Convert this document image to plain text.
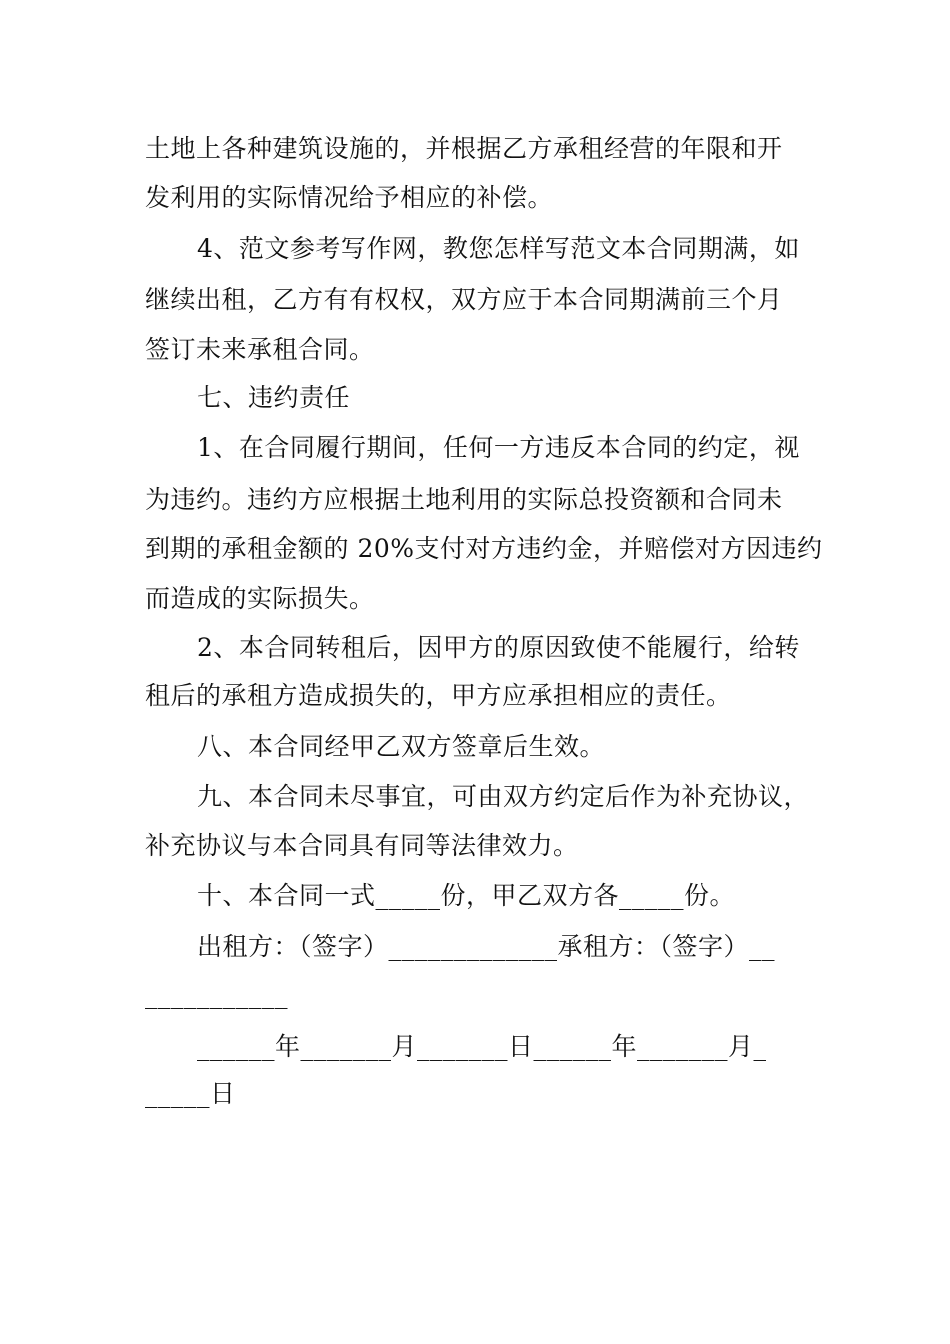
土地上各种建筑设施的，并根据乙方承租经营的年限和开
发利用的实际情况给予相应的补偿。
4、范文参考写作网，教您怎样写范文本合同期满，如
继续出租，乙方有有权权，双方应于本合同期满前三个月
签订未来承租合同。
七、违约责任
1、在合同履行期间，任何一方违反本合同的约定，视
为违约。违约方应根据土地利用的实际总投资额和合同未
到期的承租金额的 20%支付对方违约金，并赔偿对方因违约
而造成的实际损失。
2、本合同转租后，因甲方的原因致使不能履行，给转
租后的承租方造成损失的，甲方应承担相应的责任。
八、本合同经甲乙双方签章后生效。
九、本合同未尽事宜，可由双方约定后作为补充协议，
补充协议与本合同具有同等法律效力。
十、本合同一式_____份，甲乙双方各_____份。
出租方：（签字）_____________承租方：（签字）__
___________
______年_______月_______日______年_______月_
_____日
